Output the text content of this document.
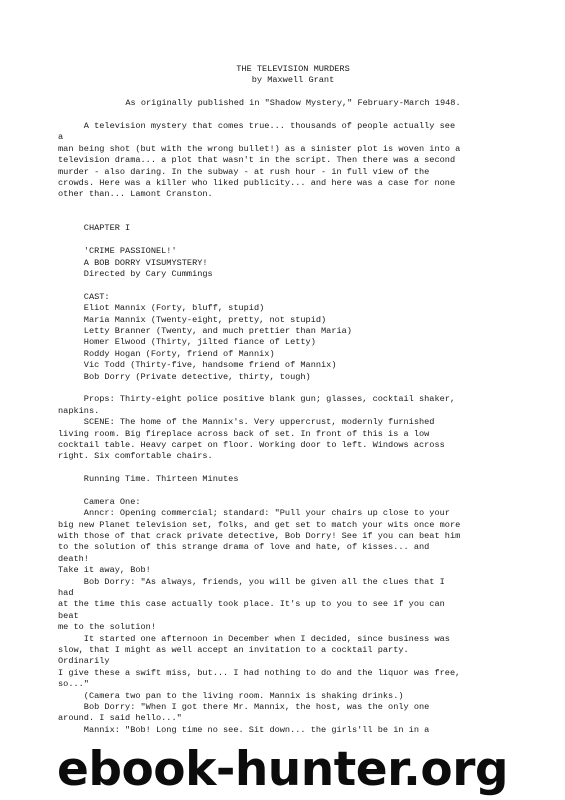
THE TELEVISION MURDERS
by Maxwell Grant
As originally published in "Shadow Mystery," February-March 1948.
A television mystery that comes true... thousands of people actually see
a
man being shot (but with the wrong bullet!) as a sinister plot is woven into a
television drama... a plot that wasn't in the script. Then there was a second
murder - also daring. In the subway - at rush hour - in full view of the
crowds. Here was a killer who liked publicity... and here was a case for none
other than... Lamont Cranston.
CHAPTER I
'CRIME PASSIONEL!'
A BOB DORRY VISUMYSTERY!
Directed by Cary Cummings
CAST:
Eliot Mannix (Forty, bluff, stupid)
Maria Mannix (Twenty-eight, pretty, not stupid)
Letty Branner (Twenty, and much prettier than Maria)
Homer Elwood (Thirty, jilted fiance of Letty)
Roddy Hogan (Forty, friend of Mannix)
Vic Todd (Thirty-five, handsome friend of Mannix)
Bob Dorry (Private detective, thirty, tough)
Props: Thirty-eight police positive blank gun; glasses, cocktail shaker,
napkins.
SCENE: The home of the Mannix's. Very uppercrust, modernly furnished
living room. Big fireplace across back of set. In front of this is a low
cocktail table. Heavy carpet on floor. Working door to left. Windows across
right. Six comfortable chairs.
Running Time. Thirteen Minutes
Camera One:
Anncr: Opening commercial; standard: "Pull your chairs up close to your
big new Planet television set, folks, and get set to match your wits once more
with those of that crack private detective, Bob Dorry! See if you can beat him
to the solution of this strange drama of love and hate, of kisses... and
death!
Take it away, Bob!
Bob Dorry: "As always, friends, you will be given all the clues that I
had
at the time this case actually took place. It's up to you to see if you can
beat
me to the solution!
It started one afternoon in December when I decided, since business was
slow, that I might as well accept an invitation to a cocktail party.
Ordinarily
I give these a swift miss, but... I had nothing to do and the liquor was free,
so..."
(Camera two pan to the living room. Mannix is shaking drinks.)
Bob Dorry: "When I got there Mr. Mannix, the host, was the only one
around. I said hello..."
Mannix: "Bob! Long time no see. Sit down... the girls'll be in in a
ebook-hunter.org
